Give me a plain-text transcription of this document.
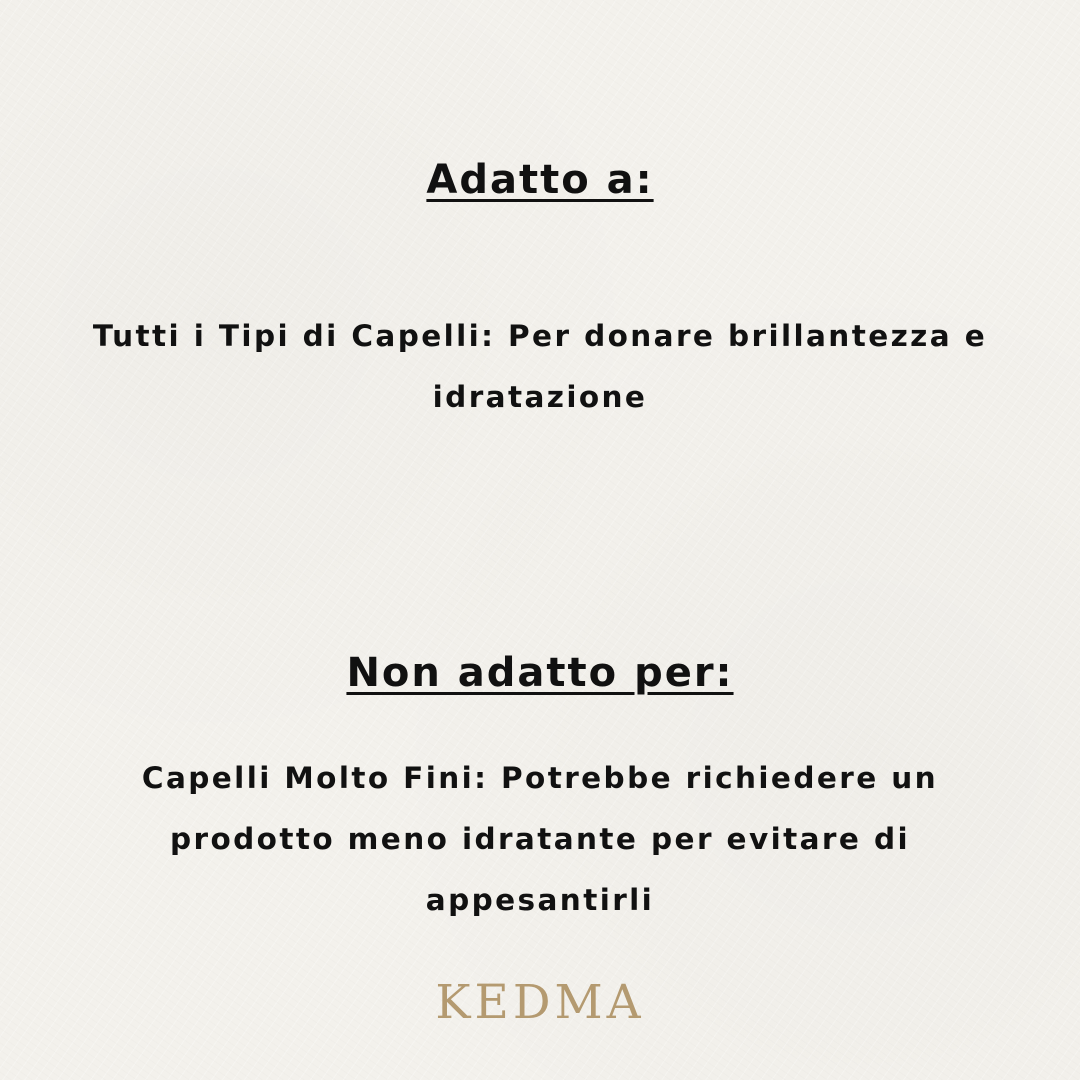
Adatto a:

Tutti i Tipi di Capelli: Per donare brillantezza e idratazione

Non adatto per:

Capelli Molto Fini: Potrebbe richiedere un prodotto meno idratante per evitare di appesantirli

KEDMA
